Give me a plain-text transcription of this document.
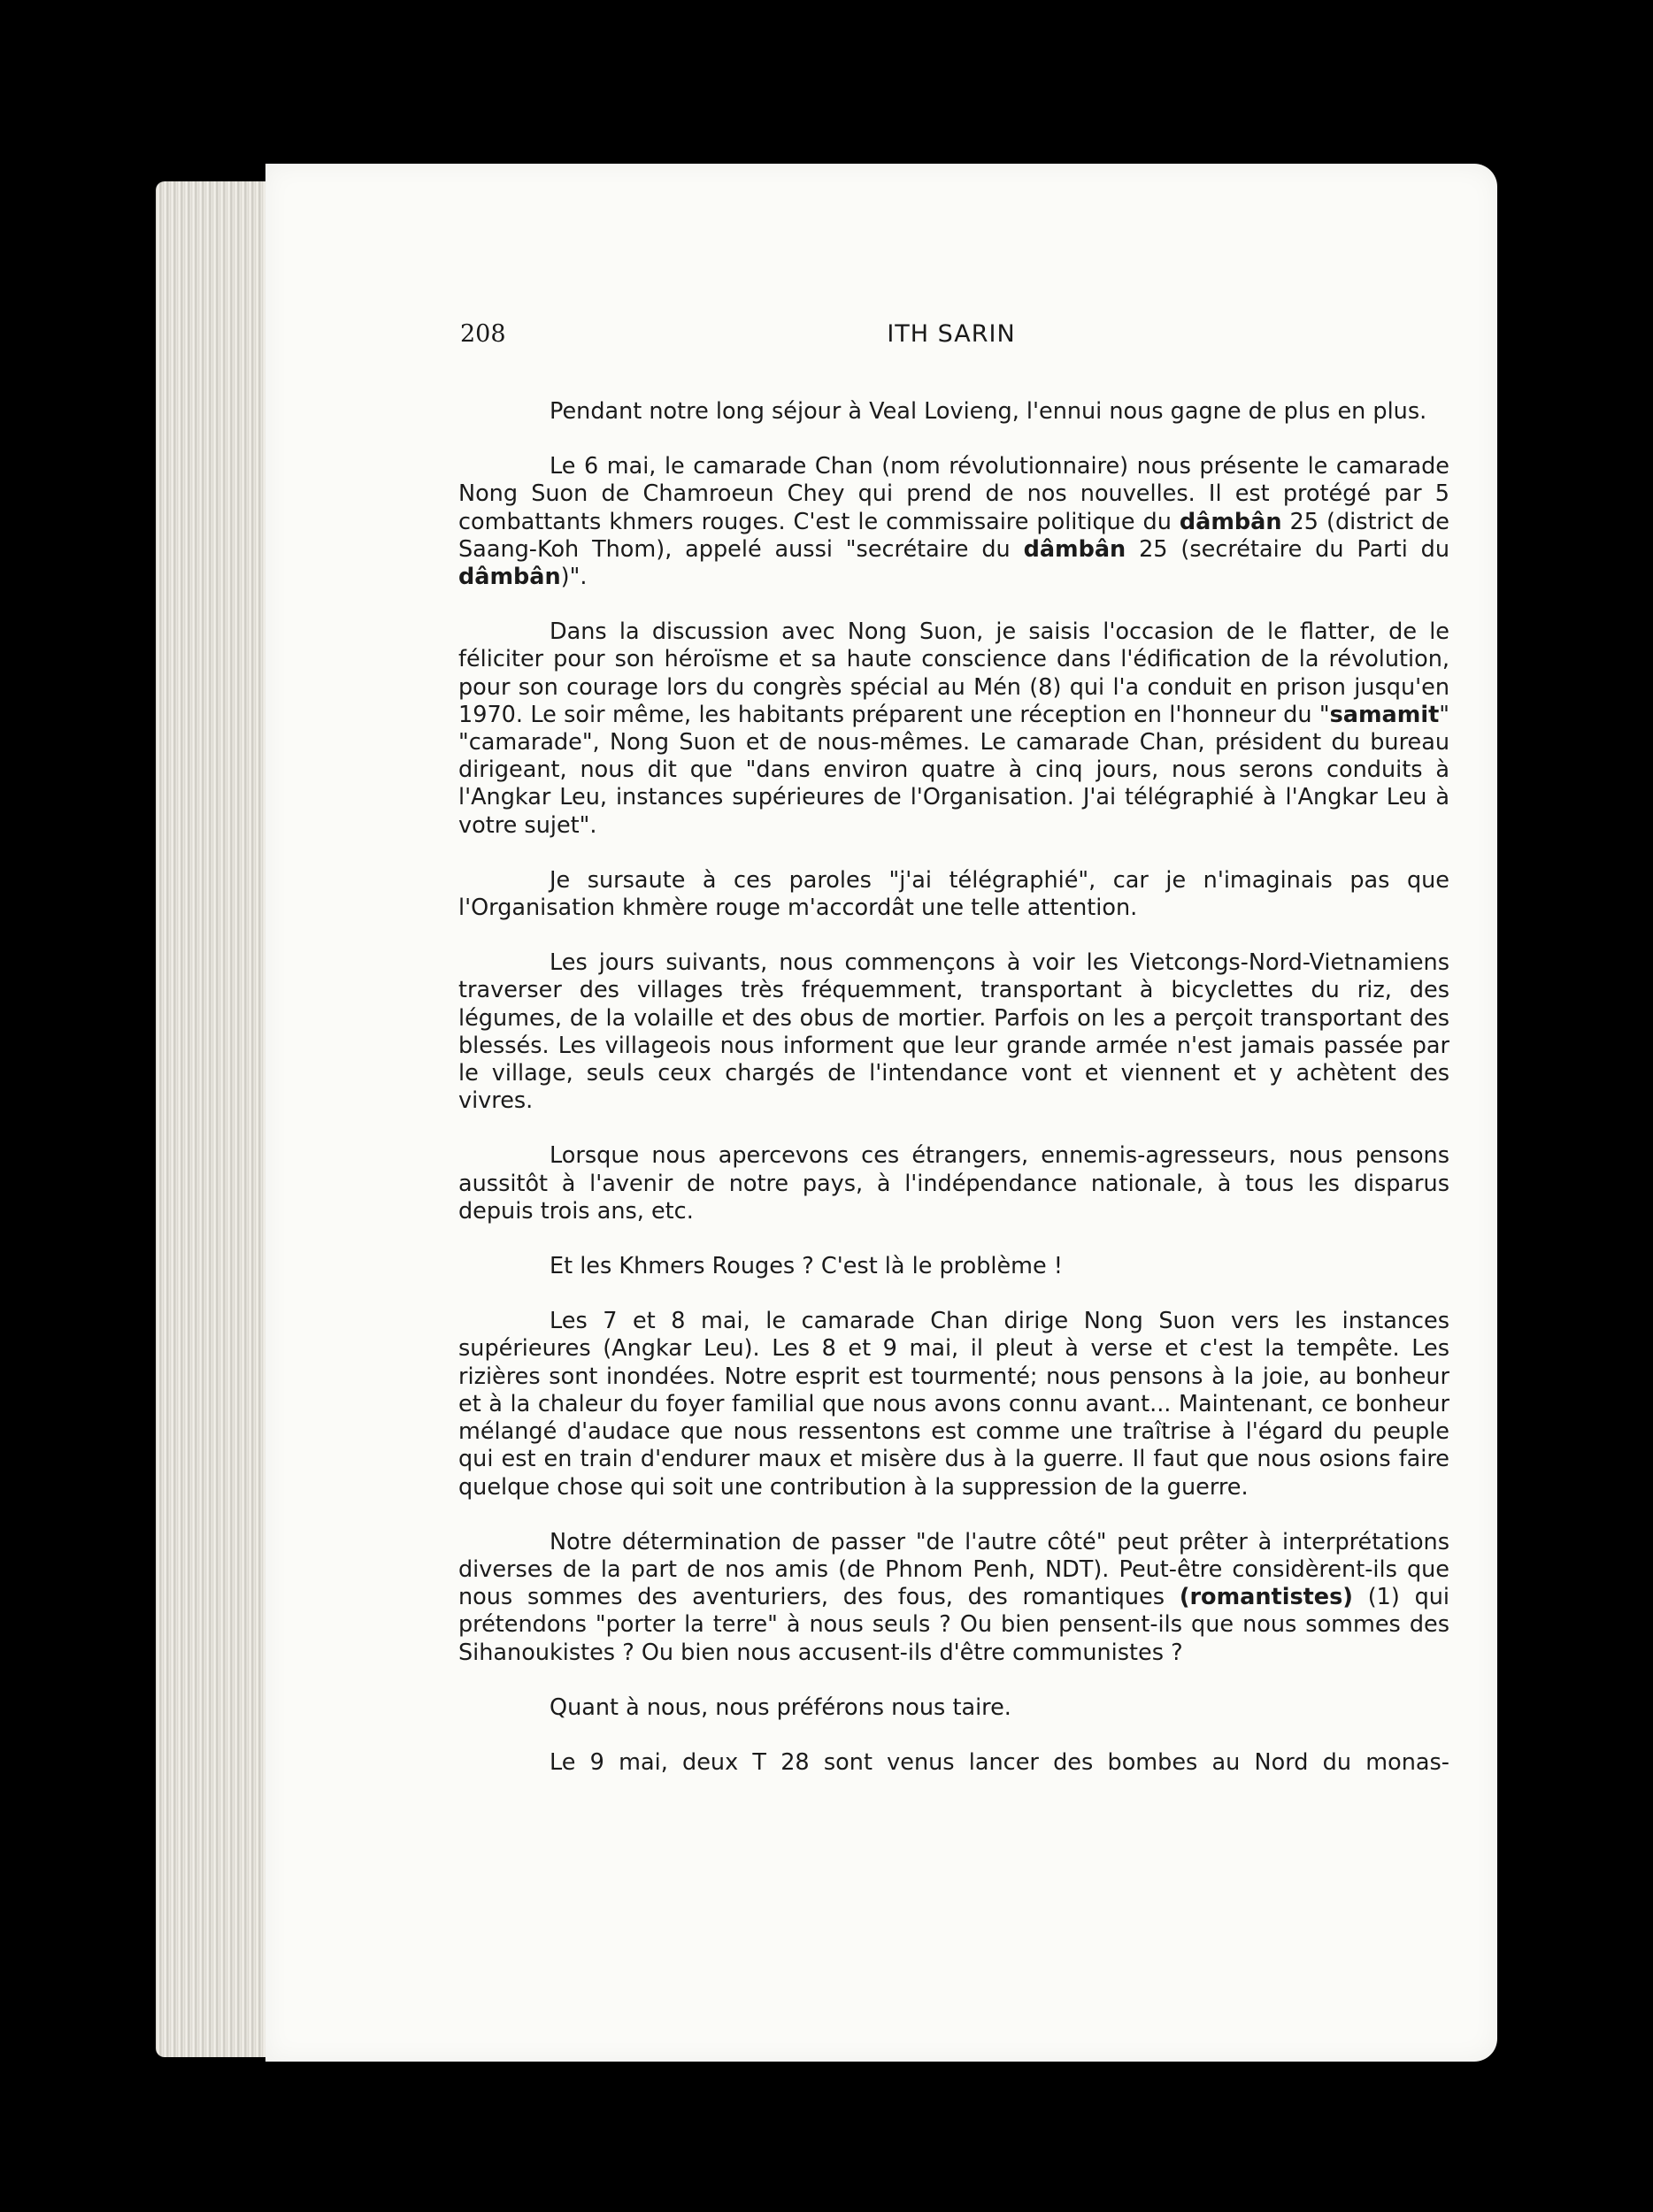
208	ITH SARIN

Pendant notre long séjour à Veal Lovieng, l'ennui nous gagne de plus en plus.

Le 6 mai, le camarade Chan (nom révolutionnaire) nous présente le camarade Nong Suon de Chamroeun Chey qui prend de nos nouvelles. Il est protégé par 5 combattants khmers rouges. C'est le commissaire politique du dâmbân 25 (district de Saang-Koh Thom), appelé aussi "secrétaire du dâmbân 25 (secrétaire du Parti du dâmbân)".

Dans la discussion avec Nong Suon, je saisis l'occasion de le flatter, de le féliciter pour son héroïsme et sa haute conscience dans l'édification de la révolution, pour son courage lors du congrès spécial au Mén (8) qui l'a conduit en prison jusqu'en 1970. Le soir même, les habitants préparent une réception en l'honneur du "samamit" "camarade", Nong Suon et de nous-mêmes. Le camarade Chan, président du bureau dirigeant, nous dit que "dans environ quatre à cinq jours, nous serons conduits à l'Angkar Leu, instances supérieures de l'Organisation. J'ai télégraphié à l'Angkar Leu à votre sujet".

Je sursaute à ces paroles "j'ai télégraphié", car je n'imaginais pas que l'Organisation khmère rouge m'accordât une telle attention.

Les jours suivants, nous commençons à voir les Vietcongs-Nord-Vietnamiens traverser des villages très fréquemment, transportant à bicyclettes du riz, des légumes, de la volaille et des obus de mortier. Parfois on les a perçoit transportant des blessés. Les villageois nous informent que leur grande armée n'est jamais passée par le village, seuls ceux chargés de l'intendance vont et viennent et y achètent des vivres.

Lorsque nous apercevons ces étrangers, ennemis-agresseurs, nous pensons aussitôt à l'avenir de notre pays, à l'indépendance nationale, à tous les disparus depuis trois ans, etc.

Et les Khmers Rouges ? C'est là le problème !

Les 7 et 8 mai, le camarade Chan dirige Nong Suon vers les instances supérieures (Angkar Leu). Les 8 et 9 mai, il pleut à verse et c'est la tempête. Les rizières sont inondées. Notre esprit est tourmenté; nous pensons à la joie, au bonheur et à la chaleur du foyer familial que nous avons connu avant... Maintenant, ce bonheur mélangé d'audace que nous ressentons est comme une traîtrise à l'égard du peuple qui est en train d'endurer maux et misère dus à la guerre. Il faut que nous osions faire quelque chose qui soit une contribution à la suppression de la guerre.

Notre détermination de passer "de l'autre côté" peut prêter à interprétations diverses de la part de nos amis (de Phnom Penh, NDT). Peut-être considèrent-ils que nous sommes des aventuriers, des fous, des romantiques (romantistes) (1) qui prétendons "porter la terre" à nous seuls ? Ou bien pensent-ils que nous sommes des Sihanoukistes ? Ou bien nous accusent-ils d'être communistes ?

Quant à nous, nous préférons nous taire.

Le 9 mai, deux T 28 sont venus lancer des bombes au Nord du monas-
